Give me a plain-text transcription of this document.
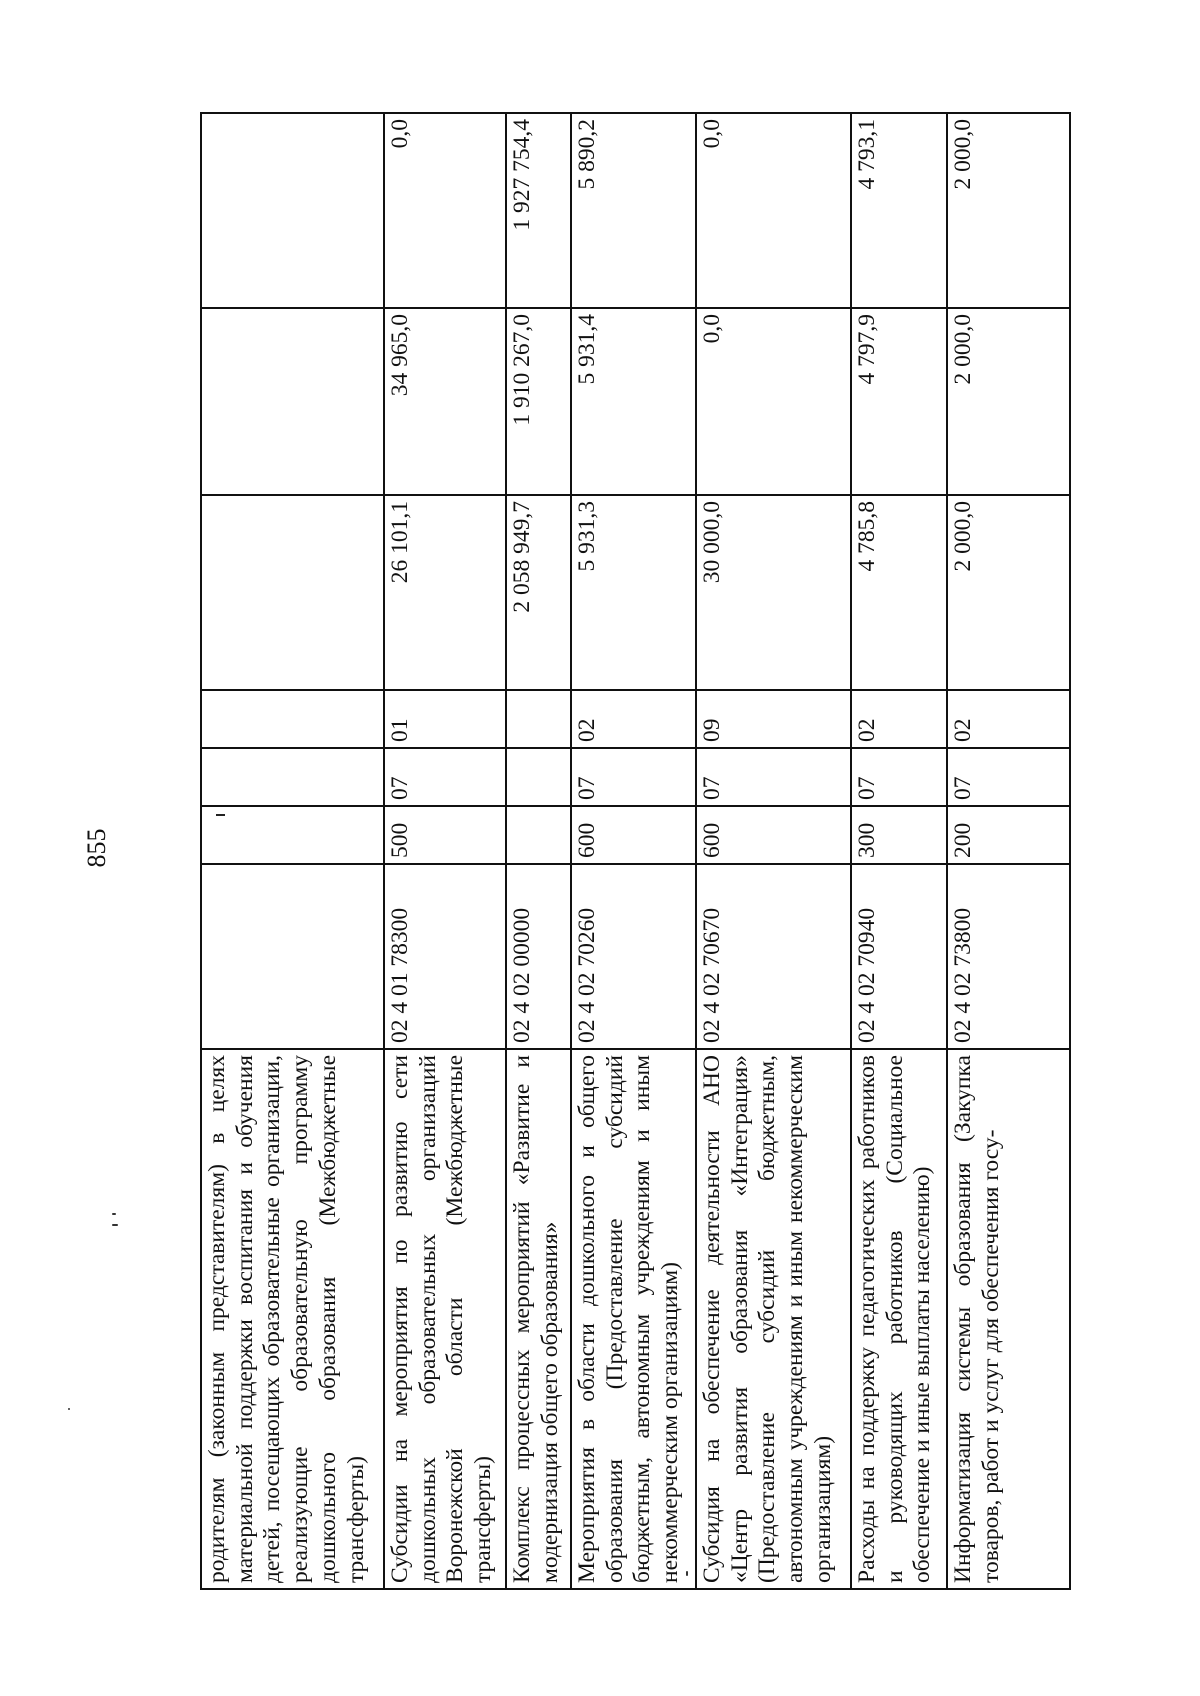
855
родителям (законным представителям) в целях материальной поддержки воспитания и обучения детей, посещающих образовательные организации, реализующие образовательную программу дошкольного образования (Межбюджетные трансферты)							
Субсидии на мероприятия по развитию сети дошкольных образовательных организаций Воронежской области (Межбюджетные трансферты)	02 4 01 78300	500	07	01	26 101,1	34 965,0	0,0
Комплекс процессных мероприятий «Развитие и модернизация общего образования»	02 4 02 00000				2 058 949,7	1 910 267,0	1 927 754,4
Мероприятия в области дошкольного и общего образования (Предоставление субсидий бюджетным, автономным учреждениям и иным некоммерческим организациям)	02 4 02 70260	600	07	02	5 931,3	5 931,4	5 890,2
Субсидия на обеспечение деятельности АНО «Центр развития образования «Интеграция» (Предоставление субсидий бюджетным, автономным учреждениям и иным некоммерческим организациям)	02 4 02 70670	600	07	09	30 000,0	0,0	0,0
Расходы на поддержку педагогических работников и руководящих работников (Социальное обеспечение и иные выплаты населению)	02 4 02 70940	300	07	02	4 785,8	4 797,9	4 793,1
Информатизация системы образования (Закупка товаров, работ и услуг для обеспечения госу-	02 4 02 73800	200	07	02	2 000,0	2 000,0	2 000,0
